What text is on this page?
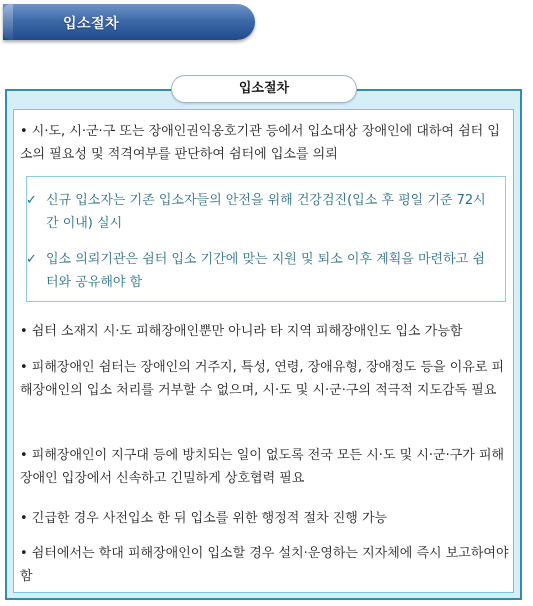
입소절차
입소절차
• 시·도, 시·군·구 또는 장애인권익옹호기관 등에서 입소대상 장애인에 대하여 쉼터 입소의 필요성 및 적격여부를 판단하여 쉼터에 입소를 의뢰
✓ 신규 입소자는 기존 입소자들의 안전을 위해 건강검진(입소 후 평일 기준 72시간 이내) 실시
✓ 입소 의뢰기관은 쉼터 입소 기간에 맞는 지원 및 퇴소 이후 계획을 마련하고 쉼터와 공유해야 함
• 쉼터 소재지 시·도 피해장애인뿐만 아니라 타 지역 피해장애인도 입소 가능함
• 피해장애인 쉼터는 장애인의 거주지, 특성, 연령, 장애유형, 장애정도 등을 이유로 피해장애인의 입소 처리를 거부할 수 없으며, 시·도 및 시·군·구의 적극적 지도감독 필요
• 피해장애인이 지구대 등에 방치되는 일이 없도록 전국 모든 시·도 및 시·군·구가 피해장애인 입장에서 신속하고 긴밀하게 상호협력 필요
• 긴급한 경우 사전입소 한 뒤 입소를 위한 행정적 절차 진행 가능
• 쉼터에서는 학대 피해장애인이 입소할 경우 설치·운영하는 지자체에 즉시 보고하여야 함
